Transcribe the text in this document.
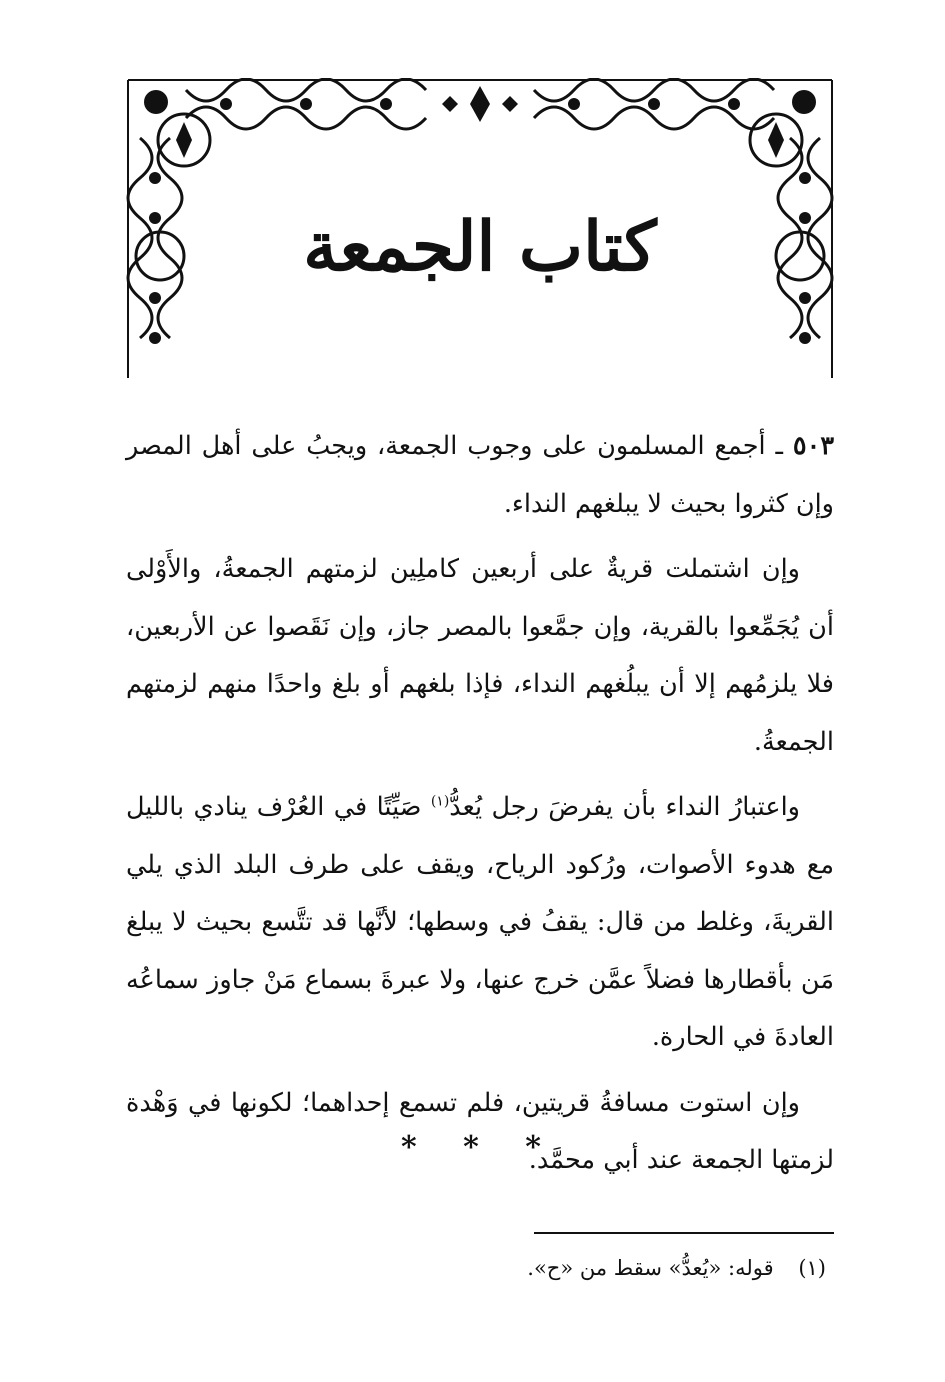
كتاب الجمعة

٥٠٣ ـ أجمع المسلمون على وجوب الجمعة، ويجبُ على أهل المصر وإن كثروا بحيث لا يبلغهم النداء.

وإن اشتملت قريةٌ على أربعين كاملِين لزمتهم الجمعةُ، والأَوْلى أن يُجَمِّعوا بالقرية، وإن جمَّعوا بالمصر جاز، وإن نَقَصوا عن الأربعين، فلا يلزمُهم إلا أن يبلُغهم النداء، فإذا بلغهم أو بلغ واحدًا منهم لزمتهم الجمعةُ.

واعتبارُ النداء بأن يفرضَ رجل يُعدُّ$^{(١)}$ صَيِّتًا في العُرْف ينادي بالليل مع هدوء الأصوات، ورُكود الرياح، ويقف على طرف البلد الذي يلي القريةَ، وغلط من قال: يقفُ في وسطها؛ لأنَّها قد تتَّسع بحيث لا يبلغ مَن بأقطارها فضلاً عمَّن خرج عنها، ولا عبرةَ بسماع مَنْ جاوز سماعُه العادةَ في الحارة.

وإن استوت مسافةُ قريتين، فلم تسمع إحداهما؛ لكونها في وَهْدة لزمتها الجمعة عند أبي محمَّد.

* * *
(١) قوله: «يُعدُّ» سقط من «ح».
